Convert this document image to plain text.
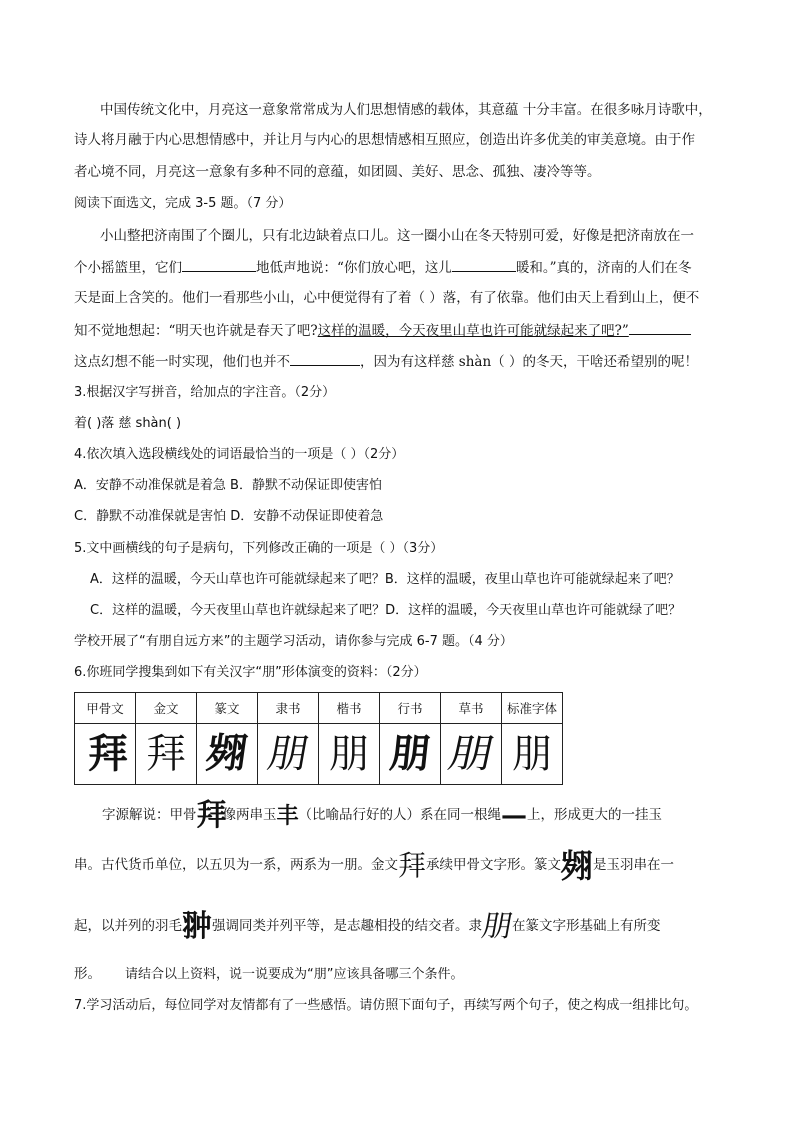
中国传统文化中，月亮这一意象常常成为人们思想情感的载体，其意蕴 十分丰富。在很多咏月诗歌中，
诗人将月融于内心思想情感中，并让月与内心的思想情感相互照应，创造出许多优美的审美意境。由于作
者心境不同，月亮这一意象有多种不同的意蕴，如团圆、美好、思念、孤独、凄冷等等。
阅读下面选文，完成 3-5 题。（7 分）
小山整把济南围了个圈儿，只有北边缺着点口儿。这一圈小山在冬天特别可爱，好像是把济南放在一
个小摇篮里，它们	地低声地说：“你们放心吧，这儿	暖和。”真的，济南的人们在冬
天是面上含笑的。他们一看那些小山，心中便觉得有了着（ ）落，有了依靠。他们由天上看到山上，便不
知不觉地想起：“明天也许就是春天了吧?这样的温暖，今天夜里山草也许可能就绿起来了吧?”
这点幻想不能一时实现，他们也并不	，因为有这样慈 shàn（ ）的冬天，干啥还希望别的呢！
3.根据汉字写拼音，给加点的字注音。（2分）
着( )落 慈 shàn( )
4.依次填入选段横线处的词语最恰当的一项是（ ）（2分）
A．安静不动准保就是着急 B．静默不动保证即使害怕
C．静默不动准保就是害怕 D．安静不动保证即使着急
5.文中画横线的句子是病句，下列修改正确的一项是（ ）（3分）
A．这样的温暖，今天山草也许可能就绿起来了吧？B．这样的温暖，夜里山草也许可能就绿起来了吧？
C．这样的温暖，今天夜里山草也许就绿起来了吧？D．这样的温暖，今天夜里山草也许可能就绿了吧？
学校开展了“有朋自远方来”的主题学习活动，请你参与完成 6-7 题。（4 分）
6.你班同学搜集到如下有关汉字“朋”形体演变的资料：（2分）
甲骨文	金文	篆文	隶书	楷书	行书	草书	标准字体
拜	拜	翙	朋	朋	朋	朋	朋
字源解说：甲骨拜像两串玉丰（比喻品行好的人）系在同一根绳—上，形成更大的一挂玉
串。古代货币单位，以五贝为一系，两系为一朋。金文拜承续甲骨文字形。篆文翙是玉羽串在一
起，以并列的羽毛翀强调同类并列平等，是志趣相投的结交者。隶朋在篆文字形基础上有所变
形。 请结合以上资料，说一说要成为“朋”应该具备哪三个条件。
7.学习活动后，每位同学对友情都有了一些感悟。请仿照下面句子，再续写两个句子，使之构成一组排比句。
